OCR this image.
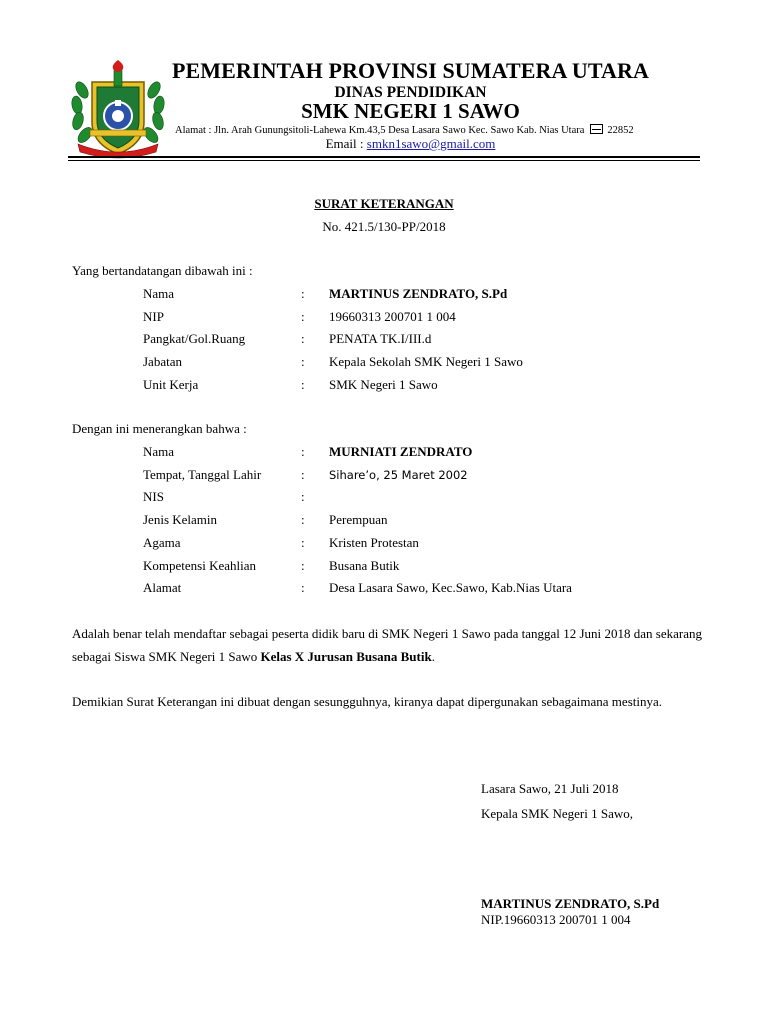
PEMERINTAH PROVINSI SUMATERA UTARA
DINAS PENDIDIKAN
SMK NEGERI 1 SAWO
Alamat : Jln. Arah Gunungsitoli-Lahewa Km.43,5 Desa Lasara Sawo Kec. Sawo Kab. Nias Utara 22852
Email : smkn1sawo@gmail.com
SURAT KETERANGAN
No. 421.5/130-PP/2018
Yang bertandatangan dibawah ini :
Nama	: MARTINUS ZENDRATO, S.Pd
NIP	: 19660313 200701 1 004
Pangkat/Gol.Ruang	: PENATA TK.I/III.d
Jabatan	: Kepala Sekolah SMK Negeri 1 Sawo
Unit Kerja	: SMK Negeri 1 Sawo
Dengan ini menerangkan bahwa :
Nama	: MURNIATI ZENDRATO
Tempat, Tanggal Lahir	: Sihare’o, 25 Maret 2002
NIS	:
Jenis Kelamin	: Perempuan
Agama	: Kristen Protestan
Kompetensi Keahlian	: Busana Butik
Alamat	: Desa Lasara Sawo, Kec.Sawo, Kab.Nias Utara
Adalah benar telah mendaftar sebagai peserta didik baru di SMK Negeri 1 Sawo pada tanggal 12 Juni 2018 dan sekarang sebagai Siswa SMK Negeri 1 Sawo Kelas X Jurusan Busana Butik.
Demikian Surat Keterangan ini dibuat dengan sesungguhnya, kiranya dapat dipergunakan sebagaimana mestinya.
Lasara Sawo, 21 Juli 2018
Kepala SMK Negeri 1 Sawo,
MARTINUS ZENDRATO, S.Pd
NIP.19660313 200701 1 004
